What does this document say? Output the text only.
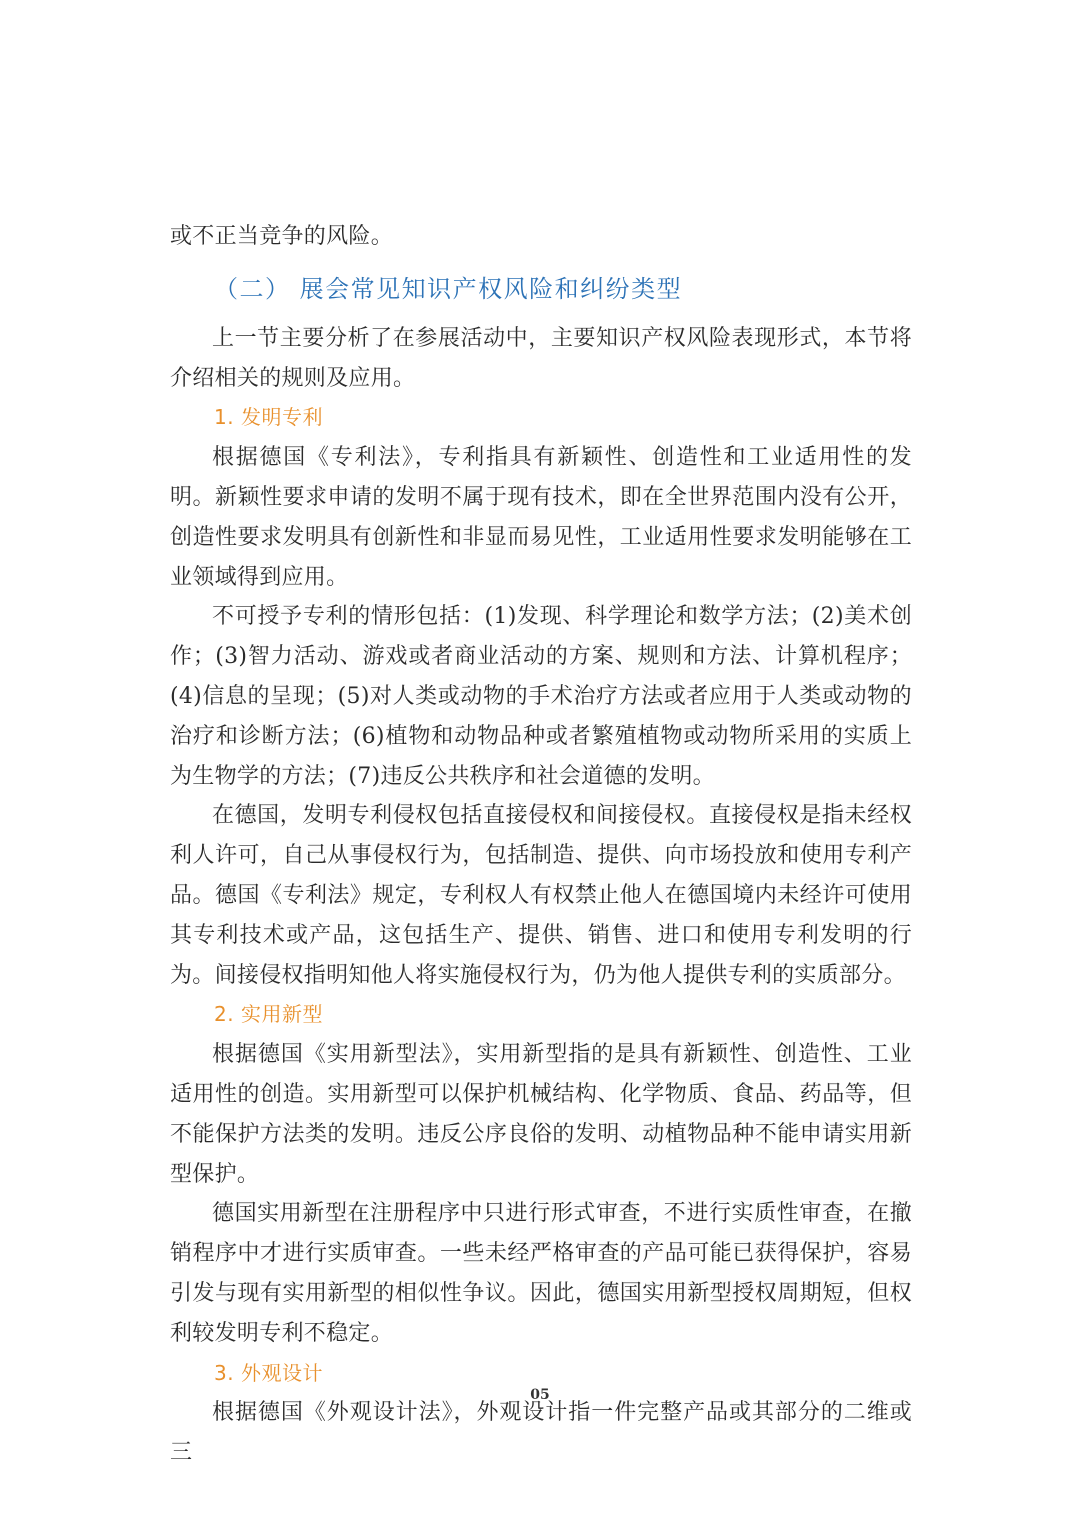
或不正当竞争的风险。

（二） 展会常见知识产权风险和纠纷类型

上一节主要分析了在参展活动中，主要知识产权风险表现形式，本节将介绍相关的规则及应用。

1. 发明专利

根据德国《专利法》，专利指具有新颖性、创造性和工业适用性的发明。新颖性要求申请的发明不属于现有技术，即在全世界范围内没有公开，创造性要求发明具有创新性和非显而易见性，工业适用性要求发明能够在工业领域得到应用。

不可授予专利的情形包括：(1)发现、科学理论和数学方法；(2)美术创作；(3)智力活动、游戏或者商业活动的方案、规则和方法、计算机程序；(4)信息的呈现；(5)对人类或动物的手术治疗方法或者应用于人类或动物的治疗和诊断方法；(6)植物和动物品种或者繁殖植物或动物所采用的实质上为生物学的方法；(7)违反公共秩序和社会道德的发明。

在德国，发明专利侵权包括直接侵权和间接侵权。直接侵权是指未经权利人许可，自己从事侵权行为，包括制造、提供、向市场投放和使用专利产品。德国《专利法》规定，专利权人有权禁止他人在德国境内未经许可使用其专利技术或产品，这包括生产、提供、销售、进口和使用专利发明的行为。间接侵权指明知他人将实施侵权行为，仍为他人提供专利的实质部分。

2. 实用新型

根据德国《实用新型法》，实用新型指的是具有新颖性、创造性、工业适用性的创造。实用新型可以保护机械结构、化学物质、食品、药品等，但不能保护方法类的发明。违反公序良俗的发明、动植物品种不能申请实用新型保护。

德国实用新型在注册程序中只进行形式审查，不进行实质性审查，在撤销程序中才进行实质审查。一些未经严格审查的产品可能已获得保护，容易引发与现有实用新型的相似性争议。因此，德国实用新型授权周期短，但权利较发明专利不稳定。

3. 外观设计

根据德国《外观设计法》，外观设计指一件完整产品或其部分的二维或三

05
